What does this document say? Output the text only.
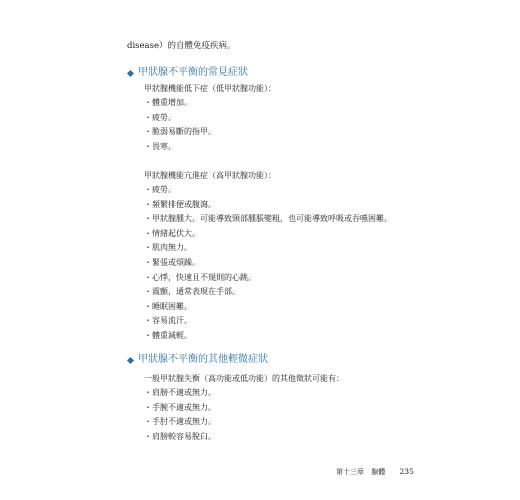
disease）的自體免疫疾病。
甲狀腺不平衡的常見症狀
甲狀腺機能低下症（低甲狀腺功能）：
・體重增加。
・疲勞。
・脆弱易斷的指甲。
・畏寒。
甲狀腺機能亢進症（高甲狀腺功能）：
・疲勞。
・頻繁排便或腹瀉。
・甲狀腺腫大。可能導致頸部腫脹變粗，也可能導致呼吸或吞嚥困難。
・情緒起伏大。
・肌肉無力。
・緊張或煩躁。
・心悸，快速且不規則的心跳。
・震顫，通常表現在手部。
・睡眠困難。
・容易流汗。
・體重減輕。
甲狀腺不平衡的其他輕微症狀
一般甲狀腺失衡（高功能或低功能）的其他徵狀可能有：
・肩膀不適或無力。
・手腕不適或無力。
・手肘不適或無力。
・肩膀較容易脫臼。
第十三章 腺體 235
